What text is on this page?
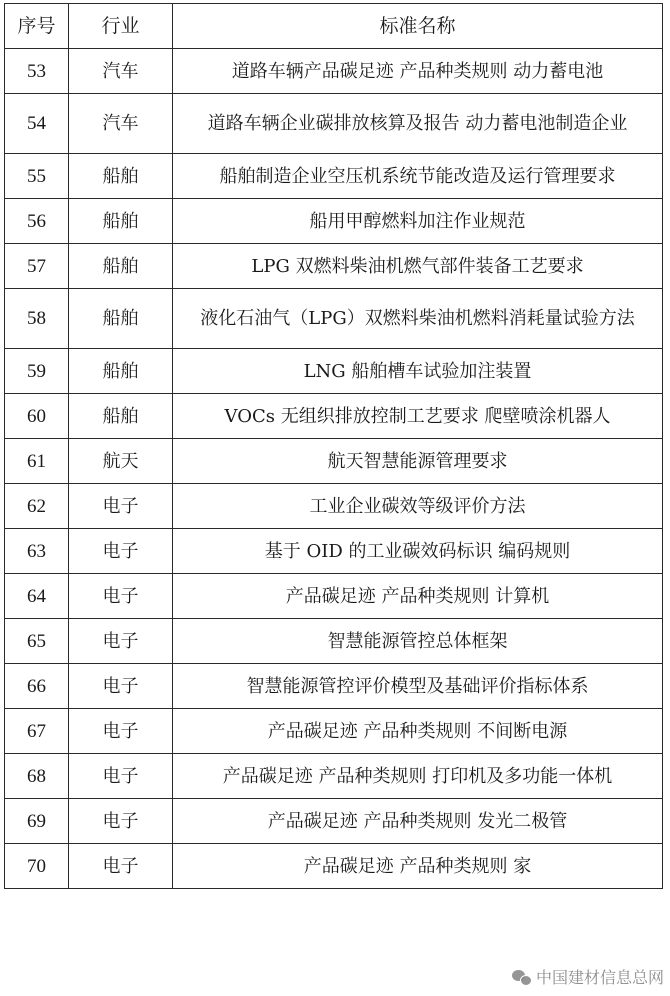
序号	行业	标准名称
53	汽车	道路车辆产品碳足迹 产品种类规则 动力蓄电池
54	汽车	道路车辆企业碳排放核算及报告 动力蓄电池制造企业
55	船舶	船舶制造企业空压机系统节能改造及运行管理要求
56	船舶	船用甲醇燃料加注作业规范
57	船舶	LPG 双燃料柴油机燃气部件装备工艺要求
58	船舶	液化石油气（LPG）双燃料柴油机燃料消耗量试验方法
59	船舶	LNG 船舶槽车试验加注装置
60	船舶	VOCs 无组织排放控制工艺要求 爬壁喷涂机器人
61	航天	航天智慧能源管理要求
62	电子	工业企业碳效等级评价方法
63	电子	基于 OID 的工业碳效码标识 编码规则
64	电子	产品碳足迹 产品种类规则 计算机
65	电子	智慧能源管控总体框架
66	电子	智慧能源管控评价模型及基础评价指标体系
67	电子	产品碳足迹 产品种类规则 不间断电源
68	电子	产品碳足迹 产品种类规则 打印机及多功能一体机
69	电子	产品碳足迹 产品种类规则 发光二极管
70	电子	产品碳足迹 产品种类规则 家
中国建材信息总网
